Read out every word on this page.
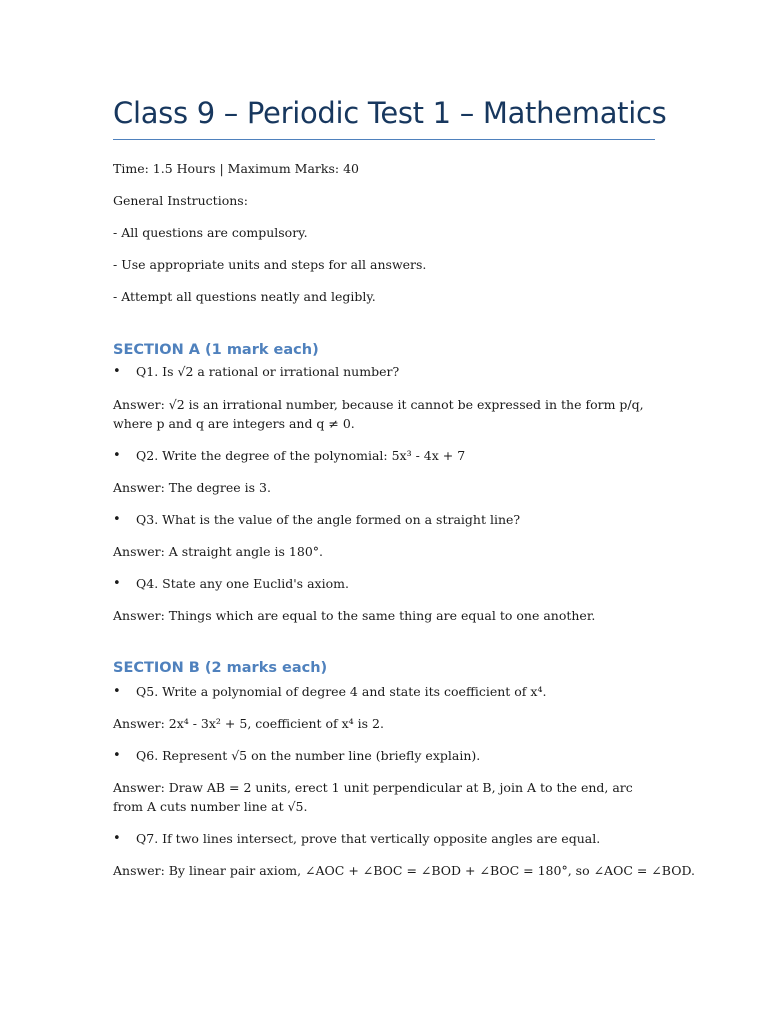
Class 9 – Periodic Test 1 – Mathematics
Time: 1.5 Hours | Maximum Marks: 40
General Instructions:
- All questions are compulsory.
- Use appropriate units and steps for all answers.
- Attempt all questions neatly and legibly.
SECTION A (1 mark each)
• Q1. Is √2 a rational or irrational number?
Answer: √2 is an irrational number, because it cannot be expressed in the form p/q, where p and q are integers and q ≠ 0.
• Q2. Write the degree of the polynomial: 5x³ - 4x + 7
Answer: The degree is 3.
• Q3. What is the value of the angle formed on a straight line?
Answer: A straight angle is 180°.
• Q4. State any one Euclid's axiom.
Answer: Things which are equal to the same thing are equal to one another.
SECTION B (2 marks each)
• Q5. Write a polynomial of degree 4 and state its coefficient of x⁴.
Answer: 2x⁴ - 3x² + 5, coefficient of x⁴ is 2.
• Q6. Represent √5 on the number line (briefly explain).
Answer: Draw AB = 2 units, erect 1 unit perpendicular at B, join A to the end, arc from A cuts number line at √5.
• Q7. If two lines intersect, prove that vertically opposite angles are equal.
Answer: By linear pair axiom, ∠AOC + ∠BOC = ∠BOD + ∠BOC = 180°, so ∠AOC = ∠BOD.
